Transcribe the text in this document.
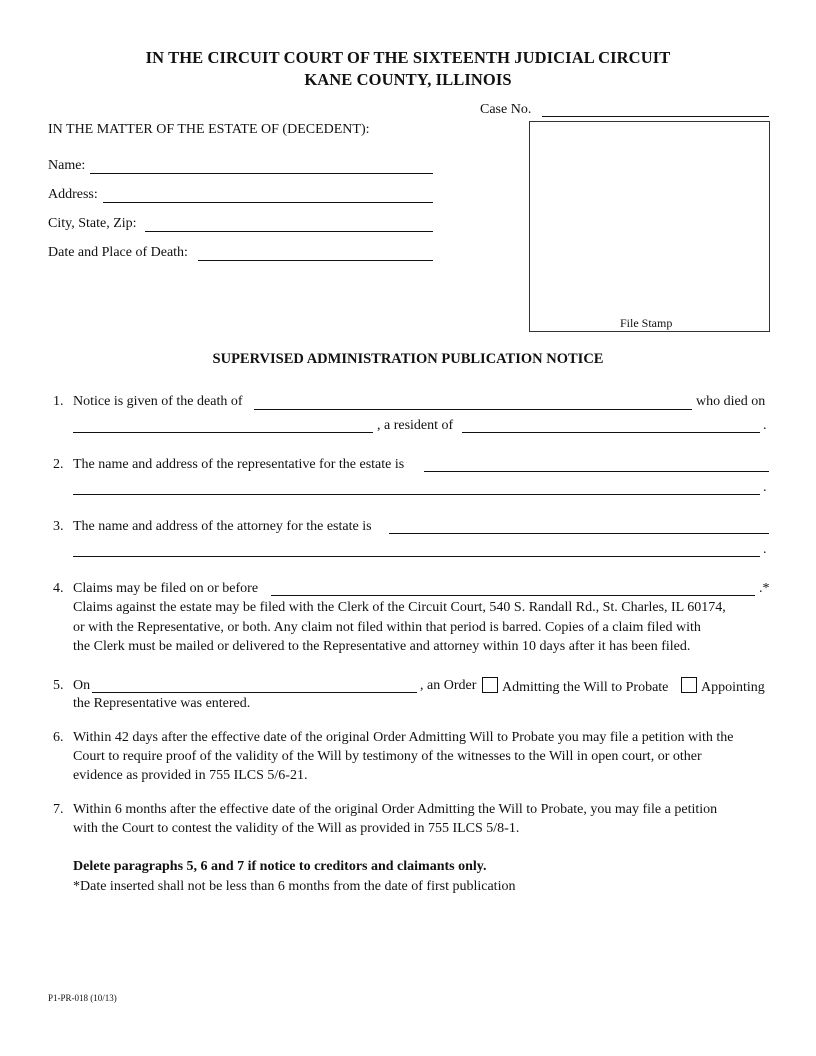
IN THE CIRCUIT COURT OF THE SIXTEENTH JUDICIAL CIRCUIT
KANE COUNTY, ILLINOIS
Case No.
IN THE MATTER OF THE ESTATE OF (DECEDENT):
Name:
Address:
City, State, Zip:
Date and Place of Death:
File Stamp
SUPERVISED ADMINISTRATION PUBLICATION NOTICE
1. Notice is given of the death of	who died on
, a resident of	.
2. The name and address of the representative for the estate is
.
3. The name and address of the attorney for the estate is
.
4. Claims may be filed on or before	.*
Claims against the estate may be filed with the Clerk of the Circuit Court, 540 S. Randall Rd., St. Charles, IL 60174,
or with the Representative, or both. Any claim not filed within that period is barred. Copies of a claim filed with
the Clerk must be mailed or delivered to the Representative and attorney within 10 days after it has been filed.
5. On	, an Order Admitting the Will to Probate Appointing
the Representative was entered.
6. Within 42 days after the effective date of the original Order Admitting Will to Probate you may file a petition with the
Court to require proof of the validity of the Will by testimony of the witnesses to the Will in open court, or other
evidence as provided in 755 ILCS 5/6-21.
7. Within 6 months after the effective date of the original Order Admitting the Will to Probate, you may file a petition
with the Court to contest the validity of the Will as provided in 755 ILCS 5/8-1.
Delete paragraphs 5, 6 and 7 if notice to creditors and claimants only.
*Date inserted shall not be less than 6 months from the date of first publication
P1-PR-018 (10/13)
